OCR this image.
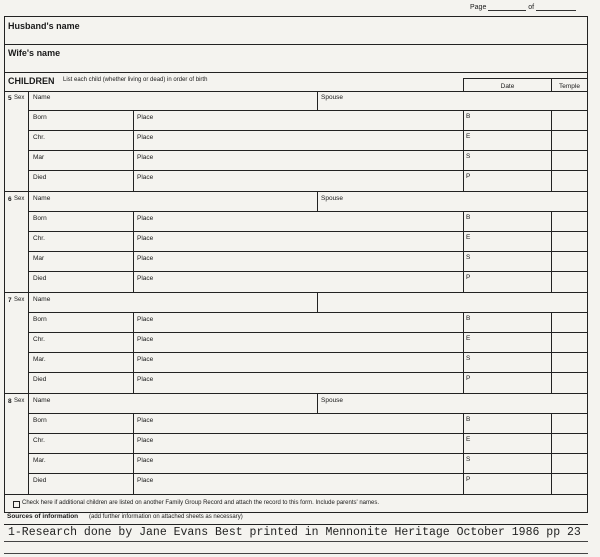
Page	of
Husband's name
Wife's name
CHILDREN List each child (whether living or dead) in order of birth
Date	Temple
5 Sex Name	Spouse
Born	Place	B
Chr.	Place	E
Mar	Place	S
Died	Place	P
6 Sex Name	Spouse
Born	Place	B
Chr.	Place	E
Mar	Place	S
Died	Place	P
7 Sex Name
Born	Place	B
Chr.	Place	E
Mar.	Place	S
Died	Place	P
8 Sex Name	Spouse
Born	Place	B
Chr.	Place	E
Mar.	Place	S
Died	Place	P
Check here if additional children are listed on another Family Group Record and attach the record to this form. Include parents' names.
Sources of information (add further information on attached sheets as necessary)
1-Research done by Jane Evans Best printed in Mennonite Heritage October 1986 pp 23
